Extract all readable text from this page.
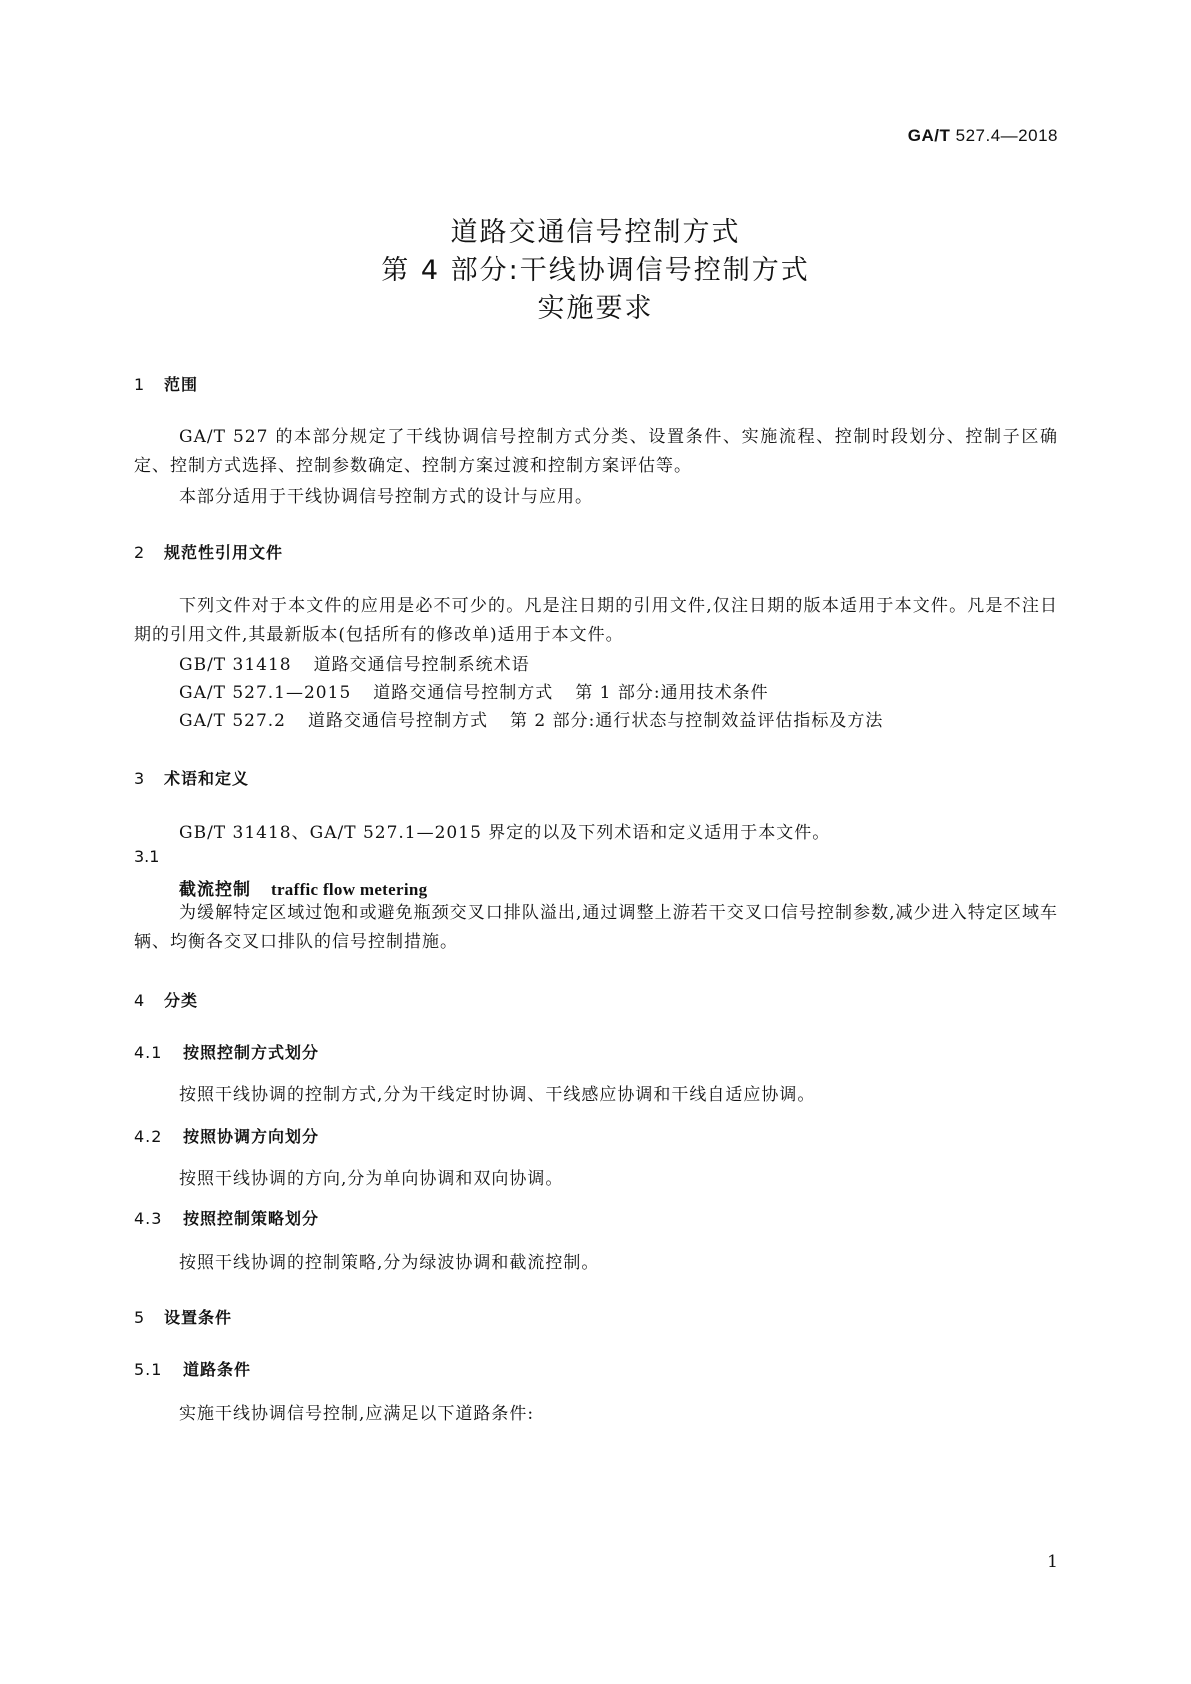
GA/T 527.4—2018
道路交通信号控制方式
第 4 部分:干线协调信号控制方式
实施要求
1 范围
GA/T 527 的本部分规定了干线协调信号控制方式分类、设置条件、实施流程、控制时段划分、控制子区确定、控制方式选择、控制参数确定、控制方案过渡和控制方案评估等。
本部分适用于干线协调信号控制方式的设计与应用。
2 规范性引用文件
下列文件对于本文件的应用是必不可少的。凡是注日期的引用文件,仅注日期的版本适用于本文件。凡是不注日期的引用文件,其最新版本(包括所有的修改单)适用于本文件。
GB/T 31418 道路交通信号控制系统术语
GA/T 527.1—2015 道路交通信号控制方式 第 1 部分:通用技术条件
GA/T 527.2 道路交通信号控制方式 第 2 部分:通行状态与控制效益评估指标及方法
3 术语和定义
GB/T 31418、GA/T 527.1—2015 界定的以及下列术语和定义适用于本文件。
3.1
截流控制 traffic flow metering
为缓解特定区域过饱和或避免瓶颈交叉口排队溢出,通过调整上游若干交叉口信号控制参数,减少进入特定区域车辆、均衡各交叉口排队的信号控制措施。
4 分类
4.1 按照控制方式划分
按照干线协调的控制方式,分为干线定时协调、干线感应协调和干线自适应协调。
4.2 按照协调方向划分
按照干线协调的方向,分为单向协调和双向协调。
4.3 按照控制策略划分
按照干线协调的控制策略,分为绿波协调和截流控制。
5 设置条件
5.1 道路条件
实施干线协调信号控制,应满足以下道路条件:
1
